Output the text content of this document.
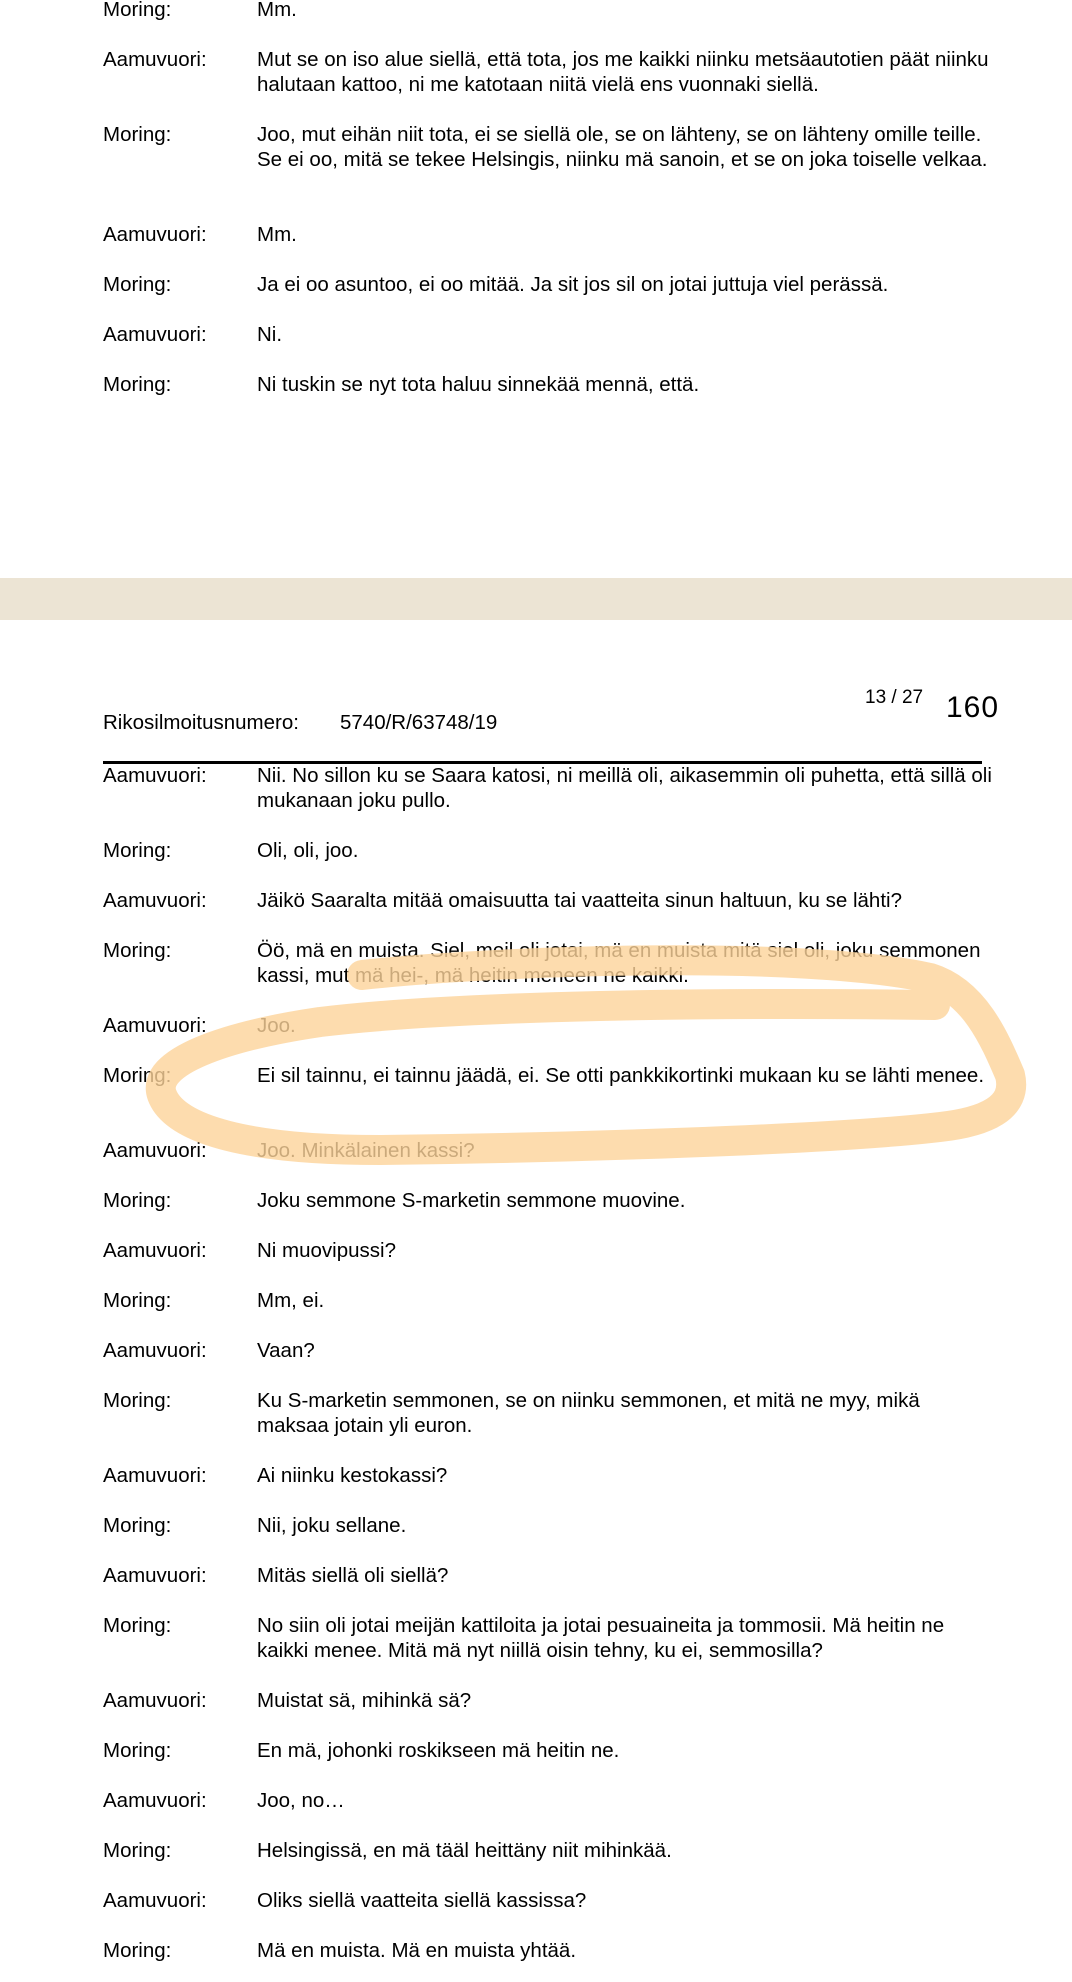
Moring:	Mm.
Aamuvuori:	Mut se on iso alue siellä, että tota, jos me kaikki niinku metsäautotien päät niinku halutaan kattoo, ni me katotaan niitä vielä ens vuonnaki siellä.
Moring:	Joo, mut eihän niit tota, ei se siellä ole, se on lähteny, se on lähteny omille teille. Se ei oo, mitä se tekee Helsingis, niinku mä sanoin, et se on joka toiselle velkaa.
Aamuvuori:	Mm.
Moring:	Ja ei oo asuntoo, ei oo mitää. Ja sit jos sil on jotai juttuja viel perässä.
Aamuvuori:	Ni.
Moring:	Ni tuskin se nyt tota haluu sinnekää mennä, että.
13 / 27 160
Rikosilmoitusnumero: 5740/R/63748/19
Aamuvuori:	Nii. No sillon ku se Saara katosi, ni meillä oli, aikasemmin oli puhetta, että sillä oli mukanaan joku pullo.
Moring:	Oli, oli, joo.
Aamuvuori:	Jäikö Saaralta mitää omaisuutta tai vaatteita sinun haltuun, ku se lähti?
Moring:	Öö, mä en muista. Siel, meil oli jotai, mä en muista mitä siel oli, joku semmonen kassi, mut mä hei-, mä heitin meneen ne kaikki.
Aamuvuori:	Joo.
Moring:	Ei sil tainnu, ei tainnu jäädä, ei. Se otti pankkikortinki mukaan ku se lähti menee.
Aamuvuori:	Joo. Minkälainen kassi?
Moring:	Joku semmone S-marketin semmone muovine.
Aamuvuori:	Ni muovipussi?
Moring:	Mm, ei.
Aamuvuori:	Vaan?
Moring:	Ku S-marketin semmonen, se on niinku semmonen, et mitä ne myy, mikä maksaa jotain yli euron.
Aamuvuori:	Ai niinku kestokassi?
Moring:	Nii, joku sellane.
Aamuvuori:	Mitäs siellä oli siellä?
Moring:	No siin oli jotai meijän kattiloita ja jotai pesuaineita ja tommosii. Mä heitin ne kaikki menee. Mitä mä nyt niillä oisin tehny, ku ei, semmosilla?
Aamuvuori:	Muistat sä, mihinkä sä?
Moring:	En mä, johonki roskikseen mä heitin ne.
Aamuvuori:	Joo, no…
Moring:	Helsingissä, en mä tääl heittäny niit mihinkää.
Aamuvuori:	Oliks siellä vaatteita siellä kassissa?
Moring:	Mä en muista. Mä en muista yhtää.
